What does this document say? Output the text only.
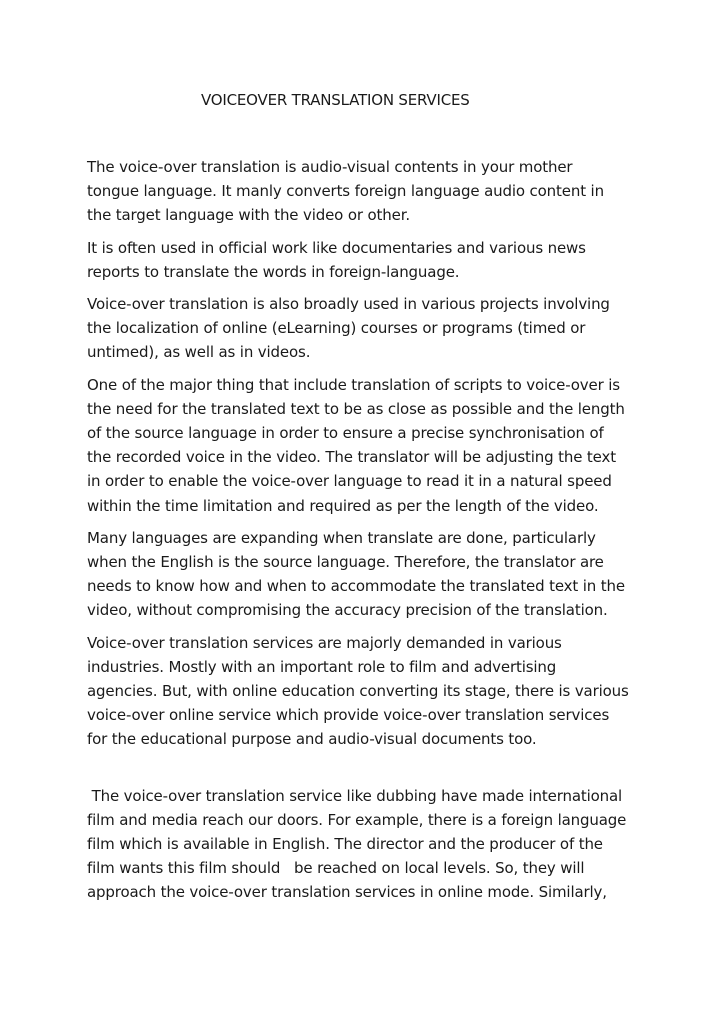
VOICEOVER TRANSLATION SERVICES

The voice-over translation is audio-visual contents in your mother
tongue language. It manly converts foreign language audio content in
the target language with the video or other.

It is often used in official work like documentaries and various news
reports to translate the words in foreign-language.

Voice-over translation is also broadly used in various projects involving
the localization of online (eLearning) courses or programs (timed or
untimed), as well as in videos.

One of the major thing that include translation of scripts to voice-over is
the need for the translated text to be as close as possible and the length
of the source language in order to ensure a precise synchronisation of
the recorded voice in the video. The translator will be adjusting the text
in order to enable the voice-over language to read it in a natural speed
within the time limitation and required as per the length of the video.

Many languages are expanding when translate are done, particularly
when the English is the source language. Therefore, the translator are
needs to know how and when to accommodate the translated text in the
video, without compromising the accuracy precision of the translation.

Voice-over translation services are majorly demanded in various
industries. Mostly with an important role to film and advertising
agencies. But, with online education converting its stage, there is various
voice-over online service which provide voice-over translation services
for the educational purpose and audio-visual documents too.

The voice-over translation service like dubbing have made international
film and media reach our doors. For example, there is a foreign language
film which is available in English. The director and the producer of the
film wants this film should   be reached on local levels. So, they will
approach the voice-over translation services in online mode. Similarly,
